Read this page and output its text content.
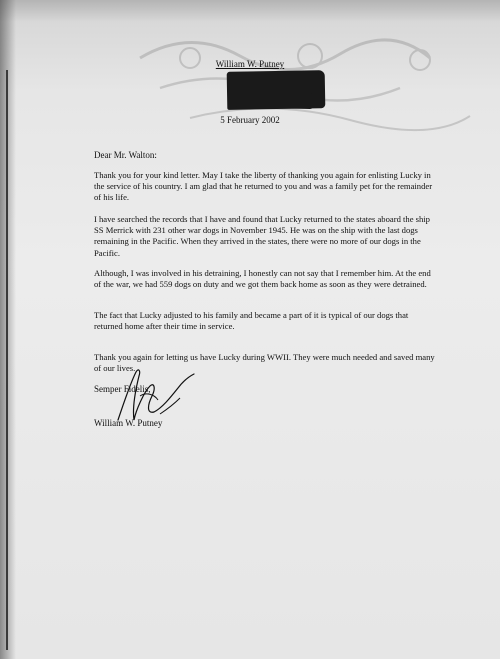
William W. Putney
5 February 2002
Dear Mr. Walton:
Thank you for your kind letter. May I take the liberty of thanking you again for enlisting Lucky in the service of his country. I am glad that he returned to you and was a family pet for the remainder of his life.
I have searched the records that I have and found that Lucky returned to the states aboard the ship SS Merrick with 231 other war dogs in November 1945. He was on the ship with the last dogs remaining in the Pacific. When they arrived in the states, there were no more of our dogs in the Pacific.
Although, I was involved in his detraining, I honestly can not say that I remember him. At the end of the war, we had 559 dogs on duty and we got them back home as soon as they were detrained.
The fact that Lucky adjusted to his family and became a part of it is typical of our dogs that returned home after their time in service.
Thank you again for letting us have Lucky during WWII. They were much needed and saved many of our lives.
Semper Fidelis,
William W. Putney
